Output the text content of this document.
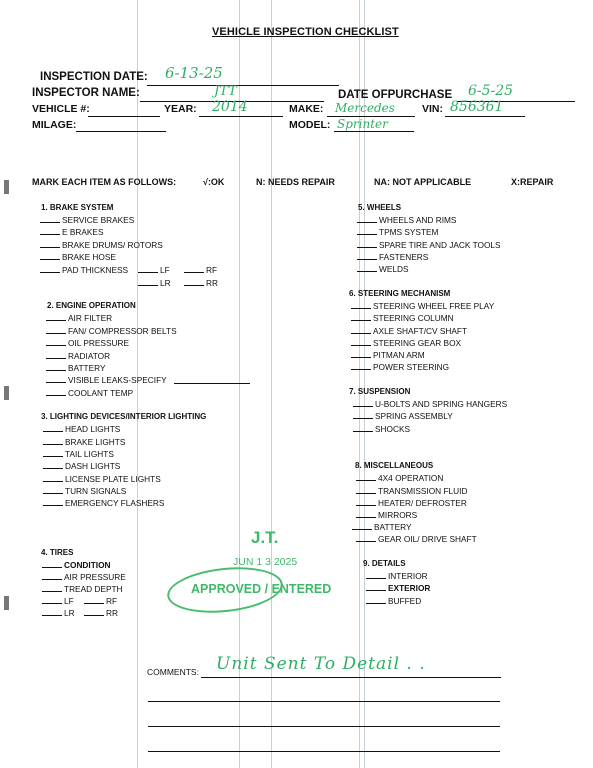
VEHICLE INSPECTION CHECKLIST
INSPECTION DATE: 6-13-25
INSPECTOR NAME:	JTT	DATE OFPURCHASE 6-5-25
VEHICLE #:	YEAR: 2014	MAKE: Mercedes	VIN: 856361
MILAGE:	MODEL: Sprinter
MARK EACH ITEM AS FOLLOWS:	√:OK	N: NEEDS REPAIR	NA: NOT APPLICABLE	X:REPAIR
1. BRAKE SYSTEM
SERVICE BRAKES
E BRAKES
BRAKE DRUMS/ ROTORS
BRAKE HOSE
PAD THICKNESS	LF	RF
LR	RR
2. ENGINE OPERATION
AIR FILTER
FAN/ COMPRESSOR BELTS
OIL PRESSURE
RADIATOR
BATTERY
VISIBLE LEAKS-SPECIFY
COOLANT TEMP
3. LIGHTING DEVICES/INTERIOR LIGHTING
HEAD LIGHTS
BRAKE LIGHTS
TAIL LIGHTS
DASH LIGHTS
LICENSE PLATE LIGHTS
TURN SIGNALS
EMERGENCY FLASHERS
4. TIRES
CONDITION
AIR PRESSURE
TREAD DEPTH
LF	RF
LR	RR
5. WHEELS
WHEELS AND RIMS
TPMS SYSTEM
SPARE TIRE AND JACK TOOLS
FASTENERS
WELDS
6. STEERING MECHANISM
STEERING WHEEL FREE PLAY
STEERING COLUMN
AXLE SHAFT/CV SHAFT
STEERING GEAR BOX
PITMAN ARM
POWER STEERING
7. SUSPENSION
U-BOLTS AND SPRING HANGERS
SPRING ASSEMBLY
SHOCKS
8. MISCELLANEOUS
4X4 OPERATION
TRANSMISSION FLUID
HEATER/ DEFROSTER
MIRRORS
BATTERY
GEAR OIL/ DRIVE SHAFT
9. DETAILS
INTERIOR
EXTERIOR
BUFFED
J.T.
JUN 1 3 2025
APPROVED / ENTERED
COMMENTS: Unit Sent To Detail . .
